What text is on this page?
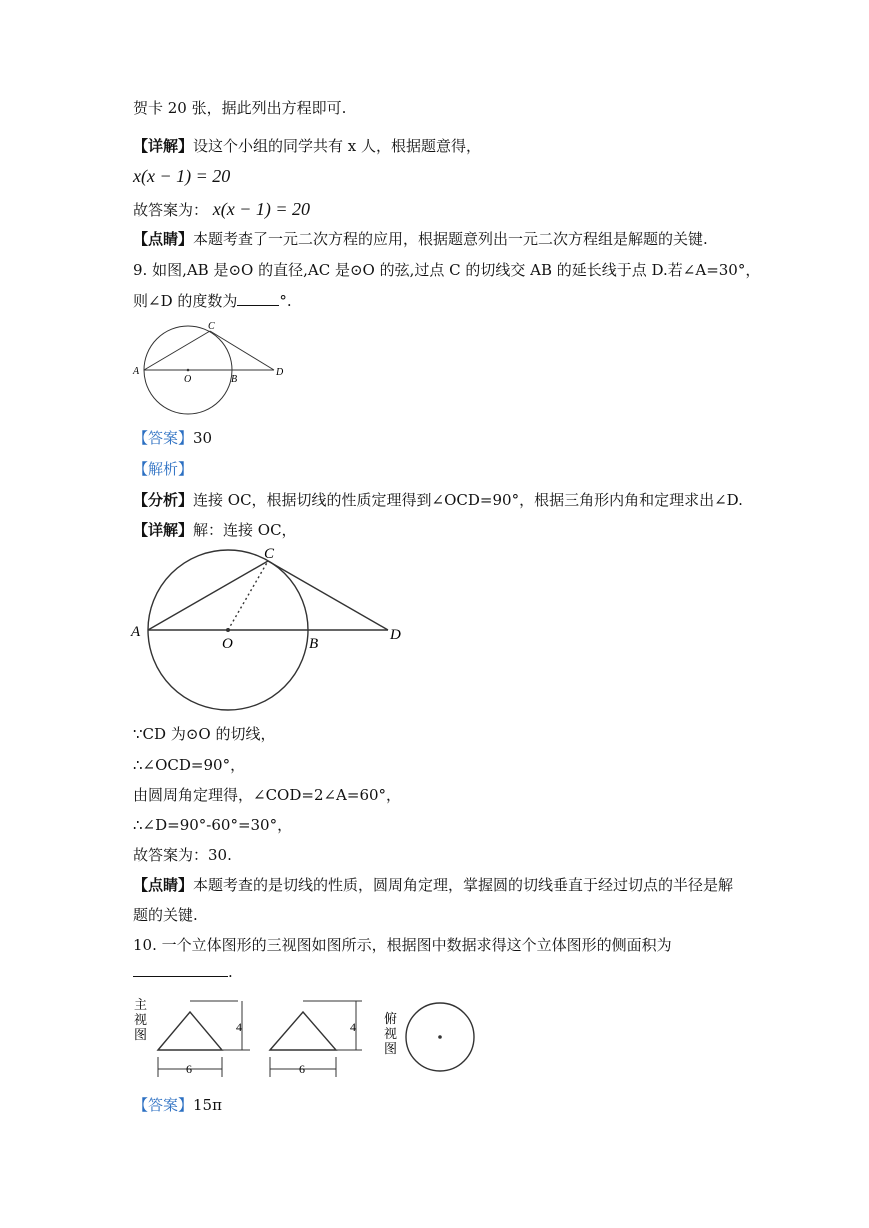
贺卡 20 张，据此列出方程即可.
【详解】设这个小组的同学共有 x 人，根据题意得，
x(x − 1) = 20
故答案为： x(x − 1) = 20
【点睛】本题考查了一元二次方程的应用，根据题意列出一元二次方程组是解题的关键.
9. 如图,AB 是⊙O 的直径,AC 是⊙O 的弦,过点 C 的切线交 AB 的延长线于点 D.若∠A=30°，
则∠D 的度数为	°.
A
O	B
C
D
【答案】30
【解析】
【分析】连接 OC，根据切线的性质定理得到∠OCD=90°，根据三角形内角和定理求出∠D.
【详解】解：连接 OC，
A
O	B
C
D
∵CD 为⊙O 的切线，
∴∠OCD=90°，
由圆周角定理得，∠COD=2∠A=60°，
∴∠D=90°-60°=30°，
故答案为：30.
【点睛】本题考查的是切线的性质，圆周角定理，掌握圆的切线垂直于经过切点的半径是解
题的关键.
10. 一个立体图形的三视图如图所示，根据图中数据求得这个立体图形的侧面积为
.
主视图	4
6
4
6
俯视图
【答案】15π
